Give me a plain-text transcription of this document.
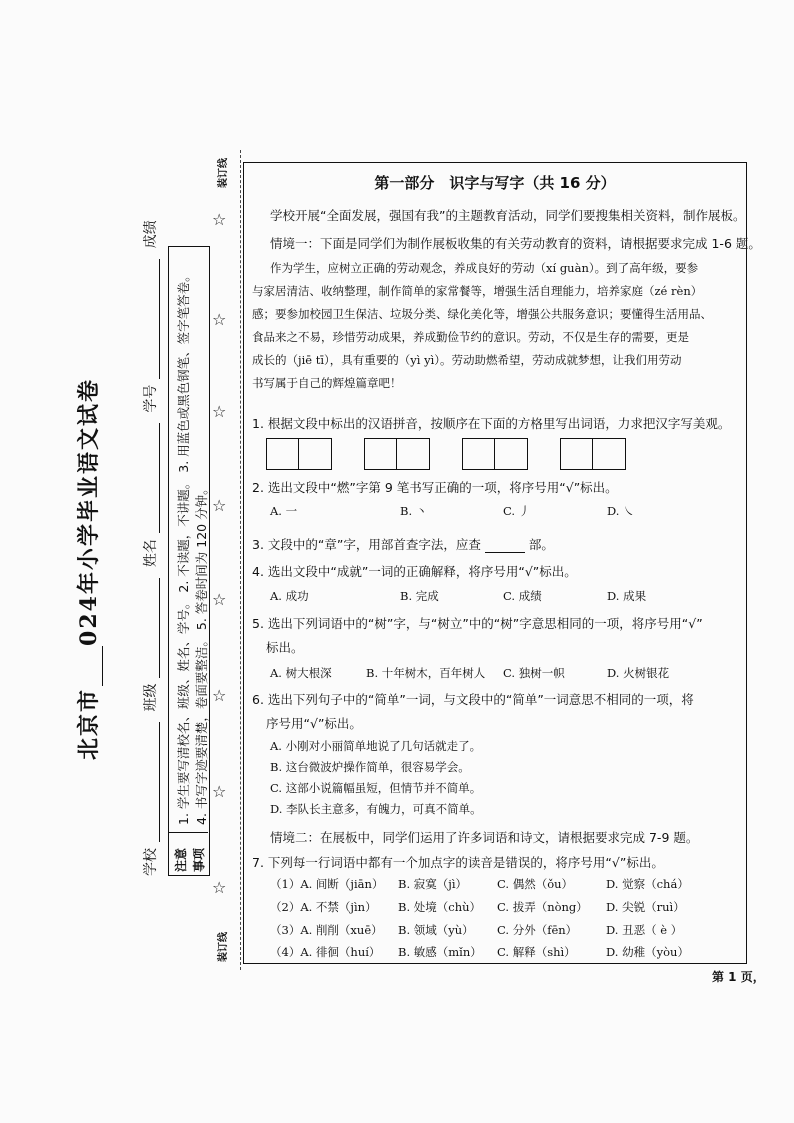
北京市024年小学毕业语文试卷
学校 班级 姓名 学号 成绩
注意 事项
1. 学生要写清校名、班级、姓名、学号。 2. 不读题，不讲题。 3. 用蓝色或黑色钢笔、签字笔答卷。 4. 书写字迹要清楚，卷面要整洁。 5. 答卷时间为 120 分钟。
装订线
装订线
☆
☆
☆
☆
☆
☆
☆
☆
第一部分　识字与写字（共 16 分）
学校开展“全面发展，强国有我”的主题教育活动，同学们要搜集相关资料，制作展板。
情境一：下面是同学们为制作展板收集的有关劳动教育的资料，请根据要求完成 1-6 题。
作为学生，应树立正确的劳动观念，养成良好的劳动（xí guàn）。到了高年级，要参
与家居清洁、收纳整理，制作简单的家常餐等，增强生活自理能力，培养家庭（zé rèn）
感；要参加校园卫生保洁、垃圾分类、绿化美化等，增强公共服务意识；要懂得生活用品、
食品来之不易，珍惜劳动成果，养成勤俭节约的意识。劳动，不仅是生存的需要，更是
成长的（jiē tī），具有重要的（yì yì）。劳动助燃希望，劳动成就梦想，让我们用劳动
书写属于自己的辉煌篇章吧！
1. 根据文段中标出的汉语拼音，按顺序在下面的方格里写出词语，力求把汉字写美观。
2. 选出文段中“燃”字第 9 笔书写正确的一项，将序号用“√”标出。
A. 一	B. 丶	C. 丿	D. ㇏
3. 文段中的“章”字，用部首查字法，应查	部。
4. 选出文段中“成就”一词的正确解释，将序号用“√”标出。
A. 成功	B. 完成	C. 成绩	D. 成果
5. 选出下列词语中的“树”字，与“树立”中的“树”字意思相同的一项，将序号用“√”
标出。
A. 树大根深	B. 十年树木，百年树人 C. 独树一帜	D. 火树银花
6. 选出下列句子中的“简单”一词，与文段中的“简单”一词意思不相同的一项，将
序号用“√”标出。
A. 小刚对小丽简单地说了几句话就走了。
B. 这台微波炉操作简单，很容易学会。
C. 这部小说篇幅虽短，但情节并不简单。
D. 李队长主意多，有魄力，可真不简单。
情境二：在展板中，同学们运用了许多词语和诗文，请根据要求完成 7-9 题。
7. 下列每一行词语中都有一个加点字的读音是错误的，将序号用“√”标出。
（1）A. 间断（jiān） B. 寂寞（jì）	C. 偶然（ǒu）	D. 觉察（chá）
（2）A. 不禁（jìn） B. 处境（chù） C. 拔弄（nòng） D. 尖锐（ruì）
（3）A. 削削（xuē） B. 领域（yù） C. 分外（fēn）	D. 丑恶（ è ）
（4）A. 徘徊（huí） B. 敏感（mǐn） C. 解释（shì）	D. 幼稚（yòu）
第 1 页，
